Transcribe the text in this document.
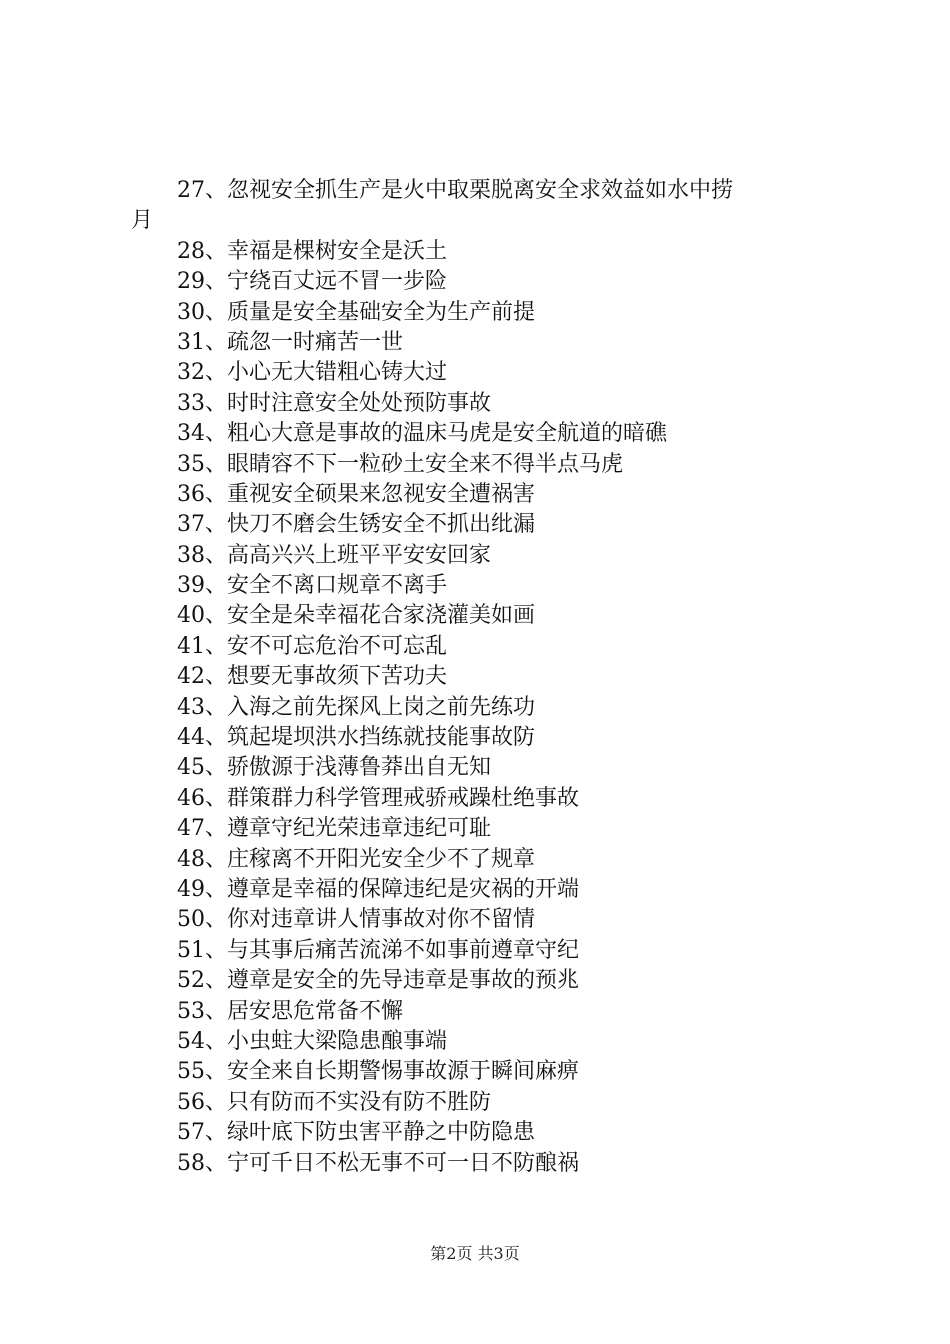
27、忽视安全抓生产是火中取栗脱离安全求效益如水中捞
月
28、幸福是棵树安全是沃土
29、宁绕百丈远不冒一步险
30、质量是安全基础安全为生产前提
31、疏忽一时痛苦一世
32、小心无大错粗心铸大过
33、时时注意安全处处预防事故
34、粗心大意是事故的温床马虎是安全航道的暗礁
35、眼睛容不下一粒砂土安全来不得半点马虎
36、重视安全硕果来忽视安全遭祸害
37、快刀不磨会生锈安全不抓出纰漏
38、高高兴兴上班平平安安回家
39、安全不离口规章不离手
40、安全是朵幸福花合家浇灌美如画
41、安不可忘危治不可忘乱
42、想要无事故须下苦功夫
43、入海之前先探风上岗之前先练功
44、筑起堤坝洪水挡练就技能事故防
45、骄傲源于浅薄鲁莽出自无知
46、群策群力科学管理戒骄戒躁杜绝事故
47、遵章守纪光荣违章违纪可耻
48、庄稼离不开阳光安全少不了规章
49、遵章是幸福的保障违纪是灾祸的开端
50、你对违章讲人情事故对你不留情
51、与其事后痛苦流涕不如事前遵章守纪
52、遵章是安全的先导违章是事故的预兆
53、居安思危常备不懈
54、小虫蛀大梁隐患酿事端
55、安全来自长期警惕事故源于瞬间麻痹
56、只有防而不实没有防不胜防
57、绿叶底下防虫害平静之中防隐患
58、宁可千日不松无事不可一日不防酿祸
第2页 共3页
